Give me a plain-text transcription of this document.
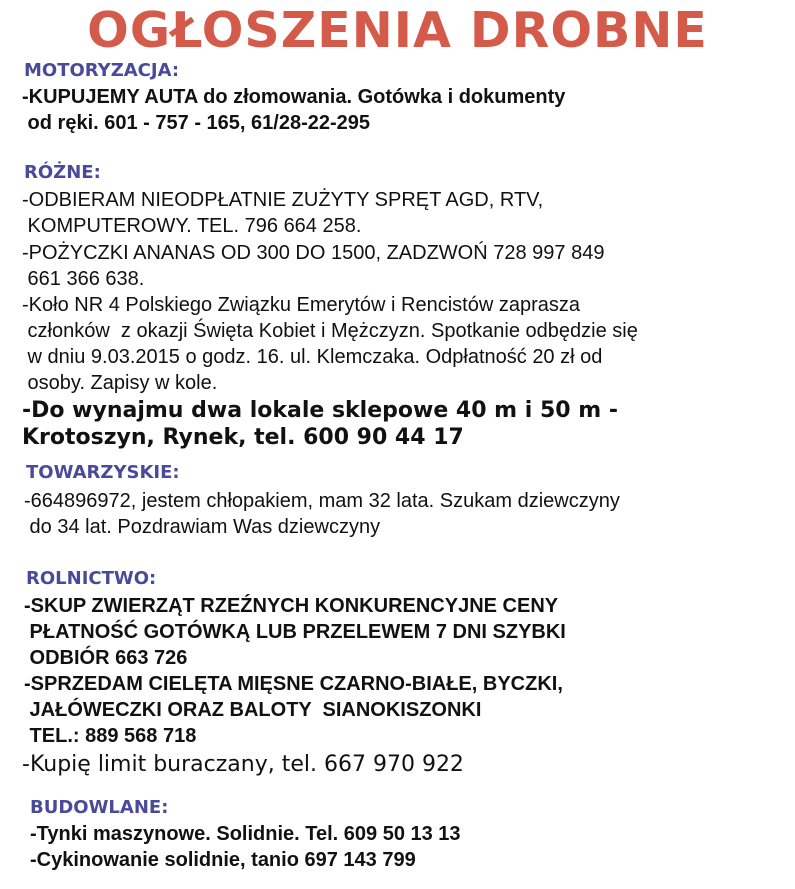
OGŁOSZENIA DROBNE
MOTORYZACJA:
-KUPUJEMY AUTA do złomowania. Gotówka i dokumenty
od ręki. 601 - 757 - 165, 61/28-22-295
RÓŻNE:
-ODBIERAM NIEODPŁATNIE ZUŻYTY SPRĘT AGD, RTV,
KOMPUTEROWY. TEL. 796 664 258.
-POŻYCZKI ANANAS OD 300 DO 1500, ZADZWOŃ 728 997 849
661 366 638.
-Koło NR 4 Polskiego Związku Emerytów i Rencistów zaprasza
członków  z okazji Święta Kobiet i Mężczyzn. Spotkanie odbędzie się
w dniu 9.03.2015 o godz. 16. ul. Klemczaka. Odpłatność 20 zł od
osoby. Zapisy w kole.
-Do wynajmu dwa lokale sklepowe 40 m i 50 m -
Krotoszyn, Rynek, tel. 600 90 44 17
TOWARZYSKIE:
-664896972, jestem chłopakiem, mam 32 lata. Szukam dziewczyny
do 34 lat. Pozdrawiam Was dziewczyny
ROLNICTWO:
-SKUP ZWIERZĄT RZEŹNYCH KONKURENCYJNE CENY
PŁATNOŚĆ GOTÓWKĄ LUB PRZELEWEM 7 DNI SZYBKI
ODBIÓR 663 726
-SPRZEDAM CIELĘTA MIĘSNE CZARNO-BIAŁE, BYCZKI,
JAŁÓWECZKI ORAZ BALOTY  SIANOKISZONKI
TEL.: 889 568 718
-Kupię limit buraczany, tel. 667 970 922
BUDOWLANE:
-Tynki maszynowe. Solidnie. Tel. 609 50 13 13
-Cykinowanie solidnie, tanio 697 143 799
